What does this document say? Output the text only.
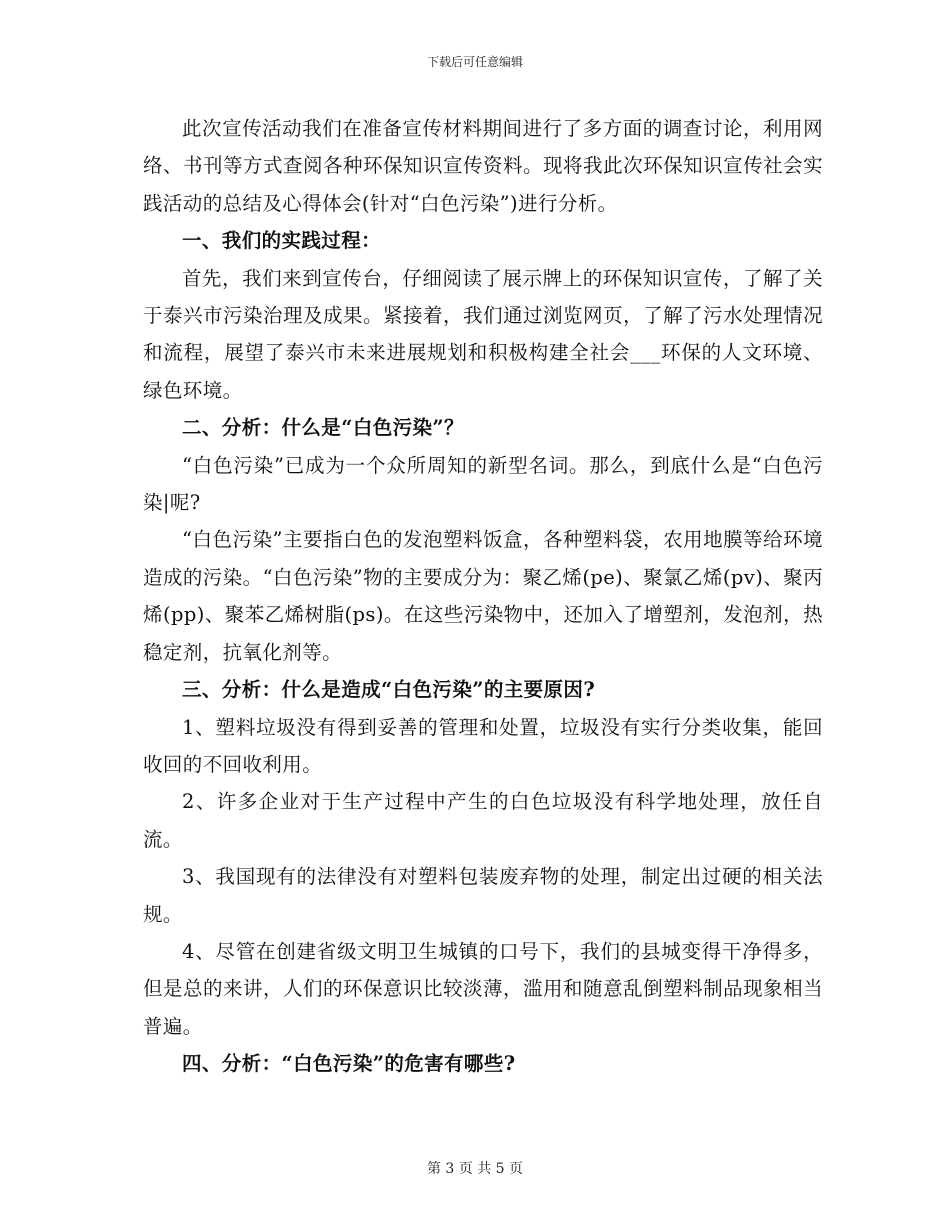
下载后可任意编辑

此次宣传活动我们在准备宣传材料期间进行了多方面的调查讨论，利用网络、书刊等方式查阅各种环保知识宣传资料。现将我此次环保知识宣传社会实践活动的总结及心得体会(针对“白色污染”)进行分析。

一、我们的实践过程：

首先，我们来到宣传台，仔细阅读了展示牌上的环保知识宣传，了解了关于泰兴市污染治理及成果。紧接着，我们通过浏览网页，了解了污水处理情况和流程，展望了泰兴市未来进展规划和积极构建全社会___环保的人文环境、绿色环境。

二、分析：什么是“白色污染”？

“白色污染”已成为一个众所周知的新型名词。那么，到底什么是“白色污染|呢?

“白色污染”主要指白色的发泡塑料饭盒，各种塑料袋，农用地膜等给环境造成的污染。“白色污染”物的主要成分为：聚乙烯(pe)、聚氯乙烯(pv)、聚丙烯(pp)、聚苯乙烯树脂(ps)。在这些污染物中，还加入了增塑剂，发泡剂，热稳定剂，抗氧化剂等。

三、分析：什么是造成“白色污染”的主要原因?

1、塑料垃圾没有得到妥善的管理和处置，垃圾没有实行分类收集，能回收回的不回收利用。

2、许多企业对于生产过程中产生的白色垃圾没有科学地处理，放任自流。

3、我国现有的法律没有对塑料包装废弃物的处理，制定出过硬的相关法规。

4、尽管在创建省级文明卫生城镇的口号下，我们的县城变得干净得多，但是总的来讲，人们的环保意识比较淡薄，滥用和随意乱倒塑料制品现象相当普遍。

四、分析：“白色污染”的危害有哪些?

第 3 页 共 5 页
